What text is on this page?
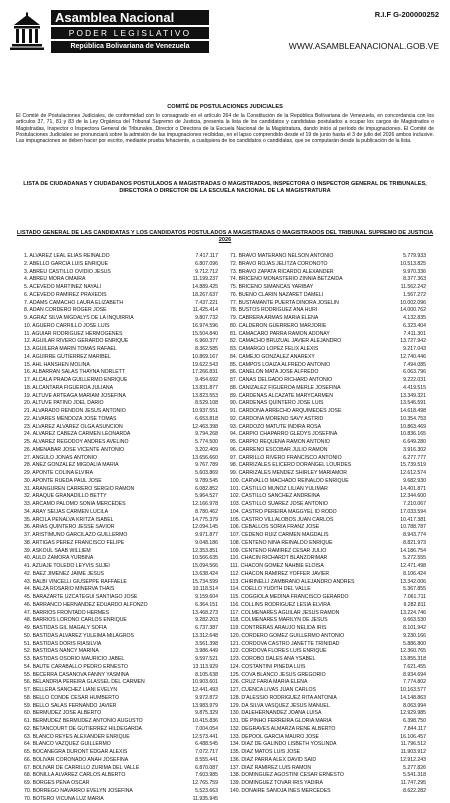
Asamblea Nacional
PODER LEGISLATIVO
República Bolivariana de Venezuela
R.I.F G-200000252
WWW.ASAMBLEANACIONAL.GOB.VE
COMITÉ DE POSTULACIONES JUDICIALES
El Comité de Postulaciones Judiciales, de conformidad con lo consagrado en el artículo 264 de la Constitución de la República Bolivariana de Venezuela, en concordancia con los artículos 37, 71, 81 y 83 de la Ley Orgánica del Tribunal Supremo de Justicia, presenta la lista de los candidatos y candidatas postulados a ocupar los cargos de Magistrados o Magistradas, Inspector o Inspectora General de Tribunales, Director o Directora de la Escuela Nacional de la Magistratura, dando inicio al período de impugnaciones. El Comité de Postulaciones Judiciales se pronunciará sobre la admisión de las impugnaciones recibidas, en el lapso comprendido desde el 19 de junio hasta el 3 de julio del 2026 ambos inclusive. Las impugnaciones se deben hacer por escrito, mediante prueba fehaciente, a cualquiera de los candidatos o candidatas, que se computarán desde la publicación de la lista.
LISTA DE CIUDADANAS Y CIUDADANOS POSTULADOS A MAGISTRADAS O MAGISTRADOS, INSPECTORA O INSPECTOR GENERAL DE TRIBUNALES, DIRECTORA O DIRECTOR DE LA ESCUELA NACIONAL DE LA MAGISTRATURA
LISTADO GENERAL DE LAS CANDIDATAS Y LOS CANDIDATOS POSTULADOS A MAGISTRADAS O MAGISTRADOS DEL TRIBUNAL SUPREMO DE JUSTICIA 2026
1. ALVAREZ LEAL ELIAS REINALDO	7.417.117
2. ABELLO GARCÍA LUIS ENRIQUE	6.807.096
3. ABREU CASTILLO OVIDIO JESUS	9.712.712
4. ABREU MORA OMAIRA	11.199.237
5. ACEVEDO MARTINEZ NAYALI	14.889.425
6. ACEVEDO RAMÍREZ PRAXEDIS	18.267.637
7. ADAMS CAMACHO LAURA ELIZABETH	7.437.221
8. ADAN CORDERO ROGER JOSE	11.425.414
9. AGRAZ SILVA MIGDALYS DE LA INQUIRRIA	9.807.732
10. AGÜERO CARRILLO JOSÉ LUIS	16.974.596
11. AGUIAR RODRIGUEZ HERMOGENES	15.504.840
12. AGUILAR RIVERO GERARDO ENRIQUE	6.960.377
13. AGUILERA MARÍN TOMÁS RAFAEL	8.362.585
14. AGUIRRE GUTIERREZ MARIBEL	10.869.167
15. AHL HANSHEN MOLINA	19.622.543
16. ALBARRAN SALAS THAYNA NORLETT	17.266.831
17. ALCALÁ PRADA GUILLERMO ENRIQUE	9.454.692
18. ALCÁNTARA FIGUEROA JULIANA	13.831.877
19. ALTUVE ARTEAGA MARIAM JOSEFINA	13.823.553
20. ALTUVE PATIÑO JOEL DARIO	8.529.108
21. ALVARADO RENDON JESUS ANTONIO	10.937.551
22. ALVARES MENDOZA JOSE TOMAS	6.653.818
23. ALVAREZ ÁLVAREZ OLGA ASUNCIÓN	12.463.398
24. ÁLVAREZ CABEZA CARMEN LEONARDA	9.794.268
25. ÁLVAREZ REGODOY ANDRES AVELINO	5.774.500
26. AMENABAR JOSÉ VICENTE ANTONIO	3.202.409
27. ANGULO JONAS ANTONIO	13.656.660
28. AÑEZ GONZÁLEZ MIGDALIA MARÍA	9.767.789
29. APONTE COLINA ELVIRA	5.603.869
30. APONTE RUEDA PAUL JOSÉ	9.789.545
31. ARANGUREN CARRERO SERGIO RAMÓN	6.082.852
32. ARAQUE GRANADILLO BETTY	5.964.527
33. ARCAMO PALOMO SONIA MERCEDES	12.166.978
34. ARAY SEIJAS CARMEN LUCILA	8.780.462
35. ARCILA PEÑALVA KRITZA ISABEL	14.775.379
36. ARIAS QUINTERO JESSE SAVIOR	12.094.145
37. ARISTIMUÑO GARCILAZO GUILLERMO	9.971.877
38. ARTIGAS PÉREZ FRANCISCO FELIPE	9.048.186
39. ASKOUL SAAB WILLIEM	12.353.851
40. AULD ZAMORA YURBINA	10.566.635
41. AZUAJE TOLEDO LEYVIS SUJEI	15.094.566
42. BAEZ JIMENEZ JAIME JESUS	13.638.424
43. BALBI VINCELLI GIUSEPPE RAFFAELE	15.734.599
44. BALZA ROSARIO MINERVA THAIS	10.118.514
45. BARAZARTE UZCÁTEGUI SANTIAGO JOSÉ	9.159.604
46. BARRANCO HERNANDEZ EDUARDO ALFONZO	6.364.151
47. BARRIOS FRONTADO HERMES	13.468.273
48. BARRIOS LOROÑO CARLOS ENRIQUE	9.282.203
49. BASTIDAS GIL MAGALY SOFIA	6.737.387
50. BASTIDAS ALVAREZ YULEIMA MILAGROS	13.312.648
51. BASTIDAS DORIS RIASILVIA	3.561.398
52. BASTIDAS NANCY MARINA	3.986.449
53. BASTIDAS OSORIO MAURICIO JABEL	9.597.521
54. BAUTE CARABALLO PEDRO ERNESTO	13.113.929
55. BECERRA CASANOVA FANNY YASMINA	8.105.638
56. BELANDRIA PEREIRA GLASSEL DEL CARMEN	10.903.601
57. BELLERA SANCHEZ LIANI EVELYN	12.441.493
58. BELLO CONDE CESAR HUMBERTO	9.972.872
59. BELLO SALAS FERNANDO JAVIER	13.983.979
60. BERMUDEZ JOSE ALBERTO	9.875.329
61. BERMUDEZ BERMUDEZ ANTONIO AUGUSTO	10.415.836
62. BETANCOURT DE GUTIERREZ HILDEGARDA	7.004.054
63. BLANCO REYES ALEXANDER ENRIQUE	12.573.441
64. BLANCO VAZQUEZ GUILLERMO	6.488.545
65. BOCANEGRA DURONT EDGAR ALEXIS	7.072.717
66. BOLIVAR CORONADO ANAH JOSEFINA	8.555.441
67. BOLIVAR DE CARRILLO ZURIMA DEL VALLE	6.870.087
68. BONILLA ALVAREZ CARLOS ALBERTO	7.603.985
69. BORGES PEÑA OSCAR	12.765.759
70. BORREGO NAVARRO EVELYN JOSEFINA	5.523.663
70. BOTERO VICUÑA LUZ MARIA	11.935.945
71. BRAVO MATERANO NELSON ANTONIO	5.779.933
72. BRAVO ROJAS JELITZA CORONOTO	10.513.825
73. BRAVO ZAPATA RICARDO ALEXANDER	9.970.336
74. BRICEÑO MONASTERIO ZINNIA BETZAIDA	8.377.363
75. BRICEÑO SIMANCAS YARIBAY	11.562.242
76. BUENO CLARIN NAZARET DAMELI	1.567.272
77. BUSTAMANTE PUERTA DINORA JOSELIN	10.002.096
78. BUSTOS RODRIGUEZ ANA HURI	14.000.762
79. CABRERA ARMAS MARIA ELENA	4.132.835
80. CALDERON GUERRERO MARJORIE	6.323.404
81. CAMACARO PARRA RAMON ADONAY	7.411.301
82. CAMACHO BRUZUAL JAVIER ALEJANDRO	13.727.942
83. CAMARGO LOPEZ FELIX ALEXIS	9.217.043
84. CAMEJO GONZÁLEZ ANAREXY	12.740.446
85. CAMPOS LOAIZA ALFREDO ANTONIO	7.494.085
86. CANELON MATA JOSÉ ALFREDO	6.063.796
87. CAÑAS DELGADO RICHARD ANTONIO	9.222.031
88. CAÑIZALEZ FIGUEROA MERLE JOSEFINA	4.419.515
89. CARDENAS ALCAZATE MARYCARMEN	13.349.321
90. CARDENAS QUINTERO JOSÉ LUIS	13.546.591
91. CARDONA ARRECHO ARQUÍMEDES JOSÉ	14.618.498
92. CARDONA MORENO SAVY ASTRID	10.354.753
93. CARDOZO MATUTE INDIRA ROSA	10.863.469
94. CARPIO CHAPARRO GLEDYS JOSEFINA	10.836.165
95. CARPIO REQUENA RAMÓN ANTONIO	6.649.280
96. CARREÑO ESCOBAR JULIO RAMÓN	3.916.302
97. CARRILLO RIVERO FRANCISCO ANTONIO	6.277.777
98. CARRIZALES ELÍCERO DORANGEL LOURDES	15.739.519
99. CARRIZALES MENDEZ SHIRLEY MARIAMOR	12.612.574
100. CARVALLO MACHADO REINALDO ENRIQUE	9.682.930
101. CASTILLO MUÑOZ LILIAN YULIMAR	14.401.871
102. CASTILLO SÁNCHEZ ANDREINA	12.344.600
103. CASTILLO SUÁREZ JOSE ANTONIO	7.210.067
104. CASTRO PEREIRA MAGGYEL ID RODO	17.033.594
105. CASTRO VILLALOBOS JUAN CARLOS	10.417.381
106. CEBALLOS SORIA FRANZ JOSE	10.788.787
107. CEDEÑO RUIZ CARMEN MAGDALIS	8.943.774
108. CENTENO NIÑA REINALDO ENRIQUE	8.821.973
109. CENTENO RAMIREZ CESAR JULIO	14.186.754
110. CHACIN RICHARDT BLANZORIMAR	5.272.555
111. CHACON GOMEZ NAHBIE ELOISA	12.471.498
112. CHACON RAMIREZ YOFFER JAVIER	8.106.424
113. CHIRINELLI ZAMBRANO ALEJANDRO ANDRÉS	13.342.006
114. COELLO YUDITH DEL VALLE	5.367.855
115. COGGIOLA MEDINA FRANCISCO GERARDO	7.061.711
116. COLLINS RODRIGUEZ LESIA ELVIRA	9.282.811
117. COLMENARES AGUILAR JESÚS RAMÓN	13.224.746
118. COLMENARES MARILYN DE JESÚS	9.663.530
119. CONTRERAS ARAUJO NELIDA IRIS	8.101.942
120. CORDERO GÓMEZ GUILLERMO ANTONIO	9.230.166
121. CORDOVA CASTRO JANETTE TRINIDAD	5.886.800
122. CORDOVA FLORES LUIS ENRIQUE	12.360.765
123. COROBO DALES ANA YSABEL	13.855.318
124. COSTANTINI PINEDA LUIS	7.621.455
125. COVA BLANCO JESUS GREGORIO	8.934.694
126. CRUZ FARIA MARÍA ELENA	7.774.802
127. CUENCA LIVAS JUAN CARLOS	10.163.577
128. D'ALESSIO RODRÍGUEZ RITA ANTONIA	14.148.863
129. DA SILVA VASQUEZ JESUS MANUEL	8.063.994
130. DALEHERNANDEZ JOANA LUISA	12.929.985
131. DE PINHO FERREIRA GLORIA MARIA	6.398.750
132. DEGRAVES ALMARZA RENÉ ALBERTO	7.844.117
133. DEPOOL GARCIA MAURO JOSÉ	16.106.457
134. DIAZ DE GALINDO LISBETH YOSLINDA	11.796.512
135. DIAZ MATOS LUIS JOSÉ	11.903.912
136. DIAZ PARRA ALEX DAVID SAID	12.912.243
137. DIAZ RAMÍREZ LUIS RAMÓN	5.277.826
138. DOMINGUEZ AGOSTINI CESAR ERNESTO	5.541.318
139. DOMINGUEZ TOVAR IRIS YADIRA	11.747.295
140. DONAIRE SANOJA INES MERCEDES	8.622.282
